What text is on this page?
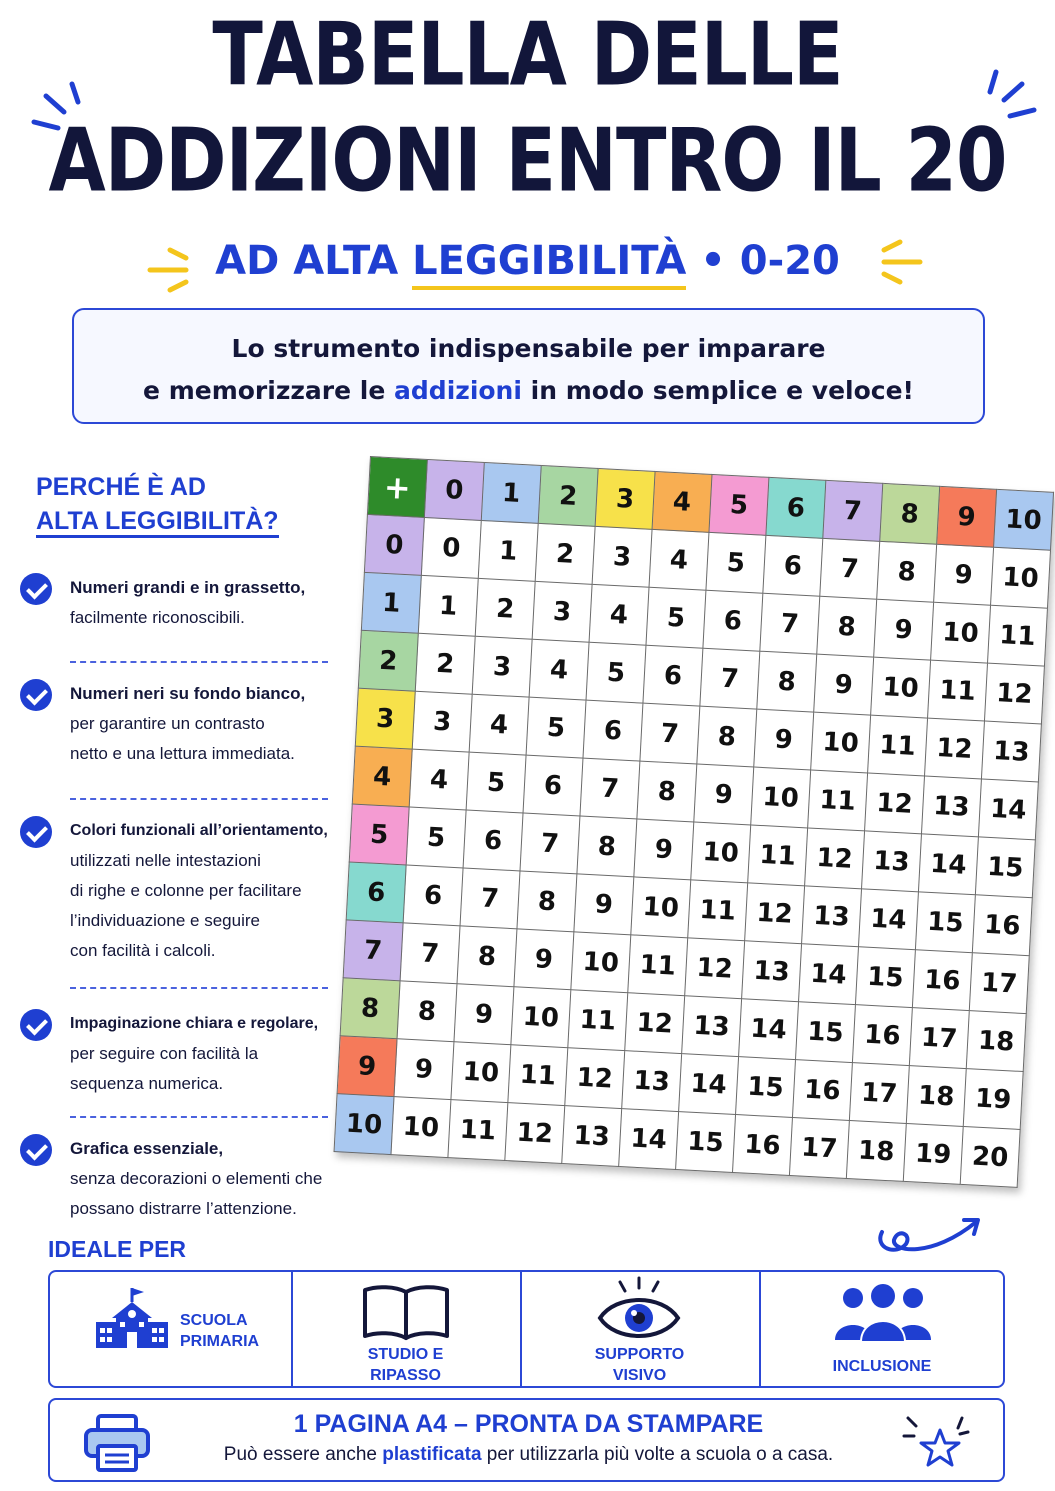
TABELLA DELLE
ADDIZIONI ENTRO IL 20
AD ALTA LEGGIBILITÀ • 0-20

Lo strumento indispensabile per imparare

e memorizzare le addizioni in modo semplice e veloce!

PERCHÉ È AD
ALTA LEGGIBILITÀ?
Numeri grandi e in grassetto,
facilmente riconoscibili.
Numeri neri su fondo bianco,
per garantire un contrasto
netto e una lettura immediata.
Colori funzionali all’orientamento,
utilizzati nelle intestazioni
di righe e colonne per facilitare
l’individuazione e seguire
con facilità i calcoli.
Impaginazione chiara e regolare,
per seguire con facilità la
sequenza numerica.
Grafica essenziale,
senza decorazioni o elementi che
possano distrarre l’attenzione.
+	0	1	2	3	4	5	6	7	8	9	10
0	0	1	2	3	4	5	6	7	8	9	10
1	1	2	3	4	5	6	7	8	9	10	11
2	2	3	4	5	6	7	8	9	10	11	12
3	3	4	5	6	7	8	9	10	11	12	13
4	4	5	6	7	8	9	10	11	12	13	14
5	5	6	7	8	9	10	11	12	13	14	15
6	6	7	8	9	10	11	12	13	14	15	16
7	7	8	9	10	11	12	13	14	15	16	17
8	8	9	10	11	12	13	14	15	16	17	18
9	9	10	11	12	13	14	15	16	17	18	19
10	10	11	12	13	14	15	16	17	18	19	20
IDEALE PER
SCUOLA
PRIMARIA
STUDIO E
RIPASSO
SUPPORTO
VISIVO
INCLUSIONE
1 PAGINA A4 – PRONTA DA STAMPARE
Può essere anche plastificata per utilizzarla più volte a scuola o a casa.
